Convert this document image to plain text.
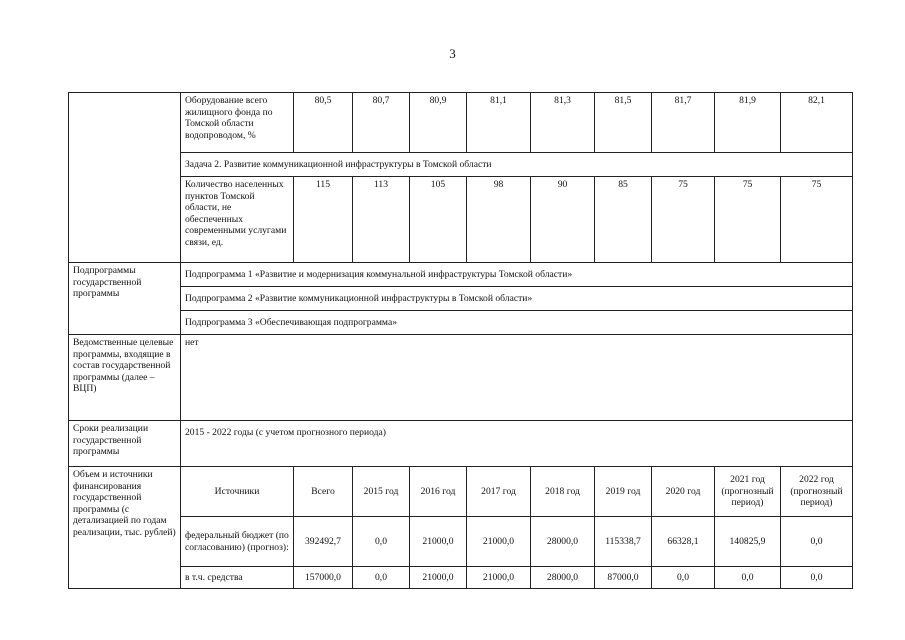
3
	Оборудование всего жилищного фонда по Томской области водопроводом, %	80,5	80,7	80,9	81,1	81,3	81,5	81,7	81,9	82,1
	Задача 2. Развитие коммуникационной инфраструктуры в Томской области									
	Количество населенных пунктов Томской области, не обеспеченных современными услугами связи, ед.	115	113	105	98	90	85	75	75	75
Подпрограммы государственной программы	Подпрограмма 1 «Развитие и модернизация коммунальной инфраструктуры Томской области»									
	Подпрограмма 2 «Развитие коммуникационной инфраструктуры в Томской области»									
	Подпрограмма 3 «Обеспечивающая подпрограмма»									
Ведомственные целевые программы, входящие в состав государственной программы (далее – ВЦП)	нет									
Сроки реализации государственной программы	2015 - 2022 годы (с учетом прогнозного периода)									
Объем и источники финансирования государственной программы (с детализацией по годам реализации, тыс. рублей)	Источники	Всего	2015 год	2016 год	2017 год	2018 год	2019 год	2020 год	2021 год (прогнозный период)	2022 год (прогнозный период)
	федеральный бюджет (по согласованию) (прогноз):	392492,7	0,0	21000,0	21000,0	28000,0	115338,7	66328,1	140825,9	0,0
	в т.ч. средства	157000,0	0,0	21000,0	21000,0	28000,0	87000,0	0,0	0,0	0,0
